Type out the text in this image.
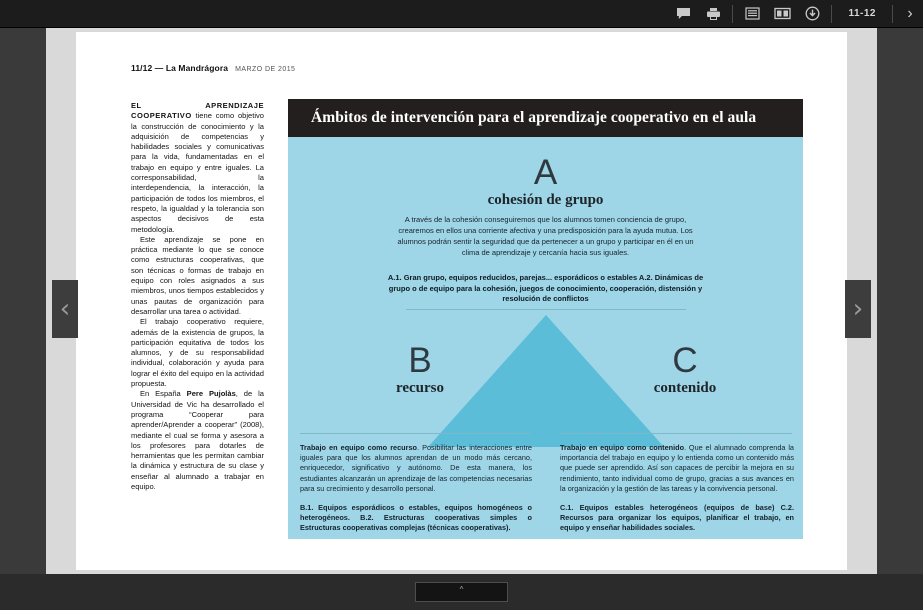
11-12	›
‹	›
11/12 — La Mandrágora MARZO DE 2015

EL APRENDIZAJE COOPERATIVO tiene como objetivo la construcción de conocimiento y la adquisición de competencias y habilidades sociales y comunicativas para la vida, fundamentadas en el trabajo en equipo y entre iguales. La corresponsabilidad, la interdependencia, la interacción, la participación de todos los miembros, el respeto, la igualdad y la tolerancia son aspectos decisivos de esta metodología.

Este aprendizaje se pone en práctica mediante lo que se conoce como estructuras cooperativas, que son técnicas o formas de trabajo en equipo con roles asignados a sus miembros, unos tiempos establecidos y unas pautas de organización para desarrollar una tarea o actividad.

El trabajo cooperativo requiere, además de la existencia de grupos, la participación equitativa de todos los alumnos, y de su responsabilidad individual, colaboración y ayuda para lograr el éxito del equipo en la actividad propuesta.

En España Pere Pujolàs, de la Universidad de Vic ha desarrollado el programa “Cooperar para aprender/Aprender a cooperar” (2008), mediante el cual se forma y asesora a los profesores para dotarles de herramientas que les permitan cambiar la dinámica y estructura de su clase y enseñar al alumnado a trabajar en equipo.

Ámbitos de intervención para el aprendizaje cooperativo en el aula
A
cohesión de grupo
A través de la cohesión conseguiremos que los alumnos tomen conciencia de grupo, crearemos en ellos una corriente afectiva y una predisposición para la ayuda mutua. Los alumnos podrán sentir la seguridad que da pertenecer a un grupo y participar en él en un clima de aprendizaje y cercanía hacia sus iguales.
A.1. Gran grupo, equipos reducidos, parejas... esporádicos o estables A.2. Dinámicas de grupo o de equipo para la cohesión, juegos de conocimiento, cooperación, distensión y resolución de conflictos
B
recurso
C
contenido
Trabajo en equipo como recurso. Posibilitar las interacciones entre iguales para que los alumnos aprendan de un modo más cercano, enriquecedor, significativo y autónomo. De esta manera, los estudiantes alcanzarán un aprendizaje de las competencias necesarias para su crecimiento y desarrollo personal.
B.1. Equipos esporádicos o estables, equipos homogéneos o heterogéneos. B.2. Estructuras cooperativas simples o Estructuras cooperativas complejas (técnicas cooperativas).
Trabajo en equipo como contenido. Que el alumnado comprenda la importancia del trabajo en equipo y lo entienda como un contenido más que puede ser aprendido. Así son capaces de percibir la mejora en su rendimiento, tanto individual como de grupo, gracias a sus avances en la organización y la gestión de las tareas y la convivencia personal.
C.1. Equipos estables heterogéneos (equipos de base) C.2. Recursos para organizar los equipos, planificar el trabajo, en equipo y enseñar habilidades sociales.
˄
